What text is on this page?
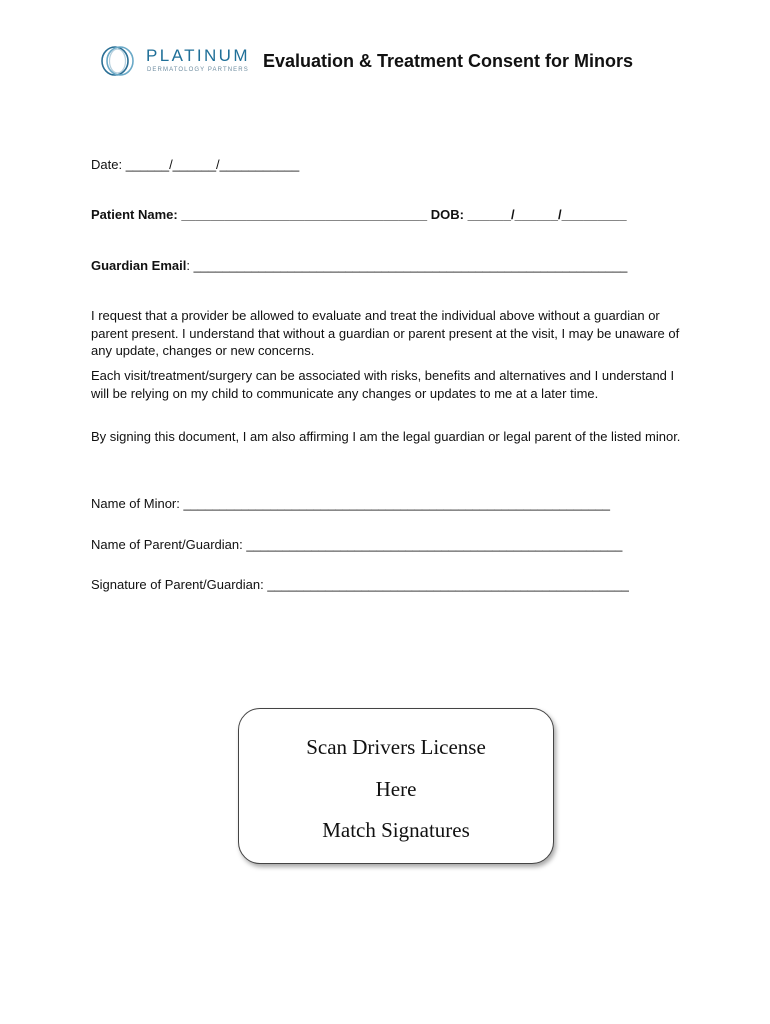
PLATINUM
DERMATOLOGY PARTNERS Evaluation & Treatment Consent for Minors
Date: ______/______/___________
Patient Name: __________________________________ DOB: ______/______/_________
Guardian Email: ____________________________________________________________
I request that a provider be allowed to evaluate and treat the individual above without a guardian or parent present. I understand that without a guardian or parent present at the visit, I may be unaware of any update, changes or new concerns.
Each visit/treatment/surgery can be associated with risks, benefits and alternatives and I understand I will be relying on my child to communicate any changes or updates to me at a later time.
By signing this document, I am also affirming I am the legal guardian or legal parent of the listed minor.
Name of Minor: ___________________________________________________________
Name of Parent/Guardian: ____________________________________________________
Signature of Parent/Guardian: __________________________________________________
Scan Drivers License
Here
Match Signatures
